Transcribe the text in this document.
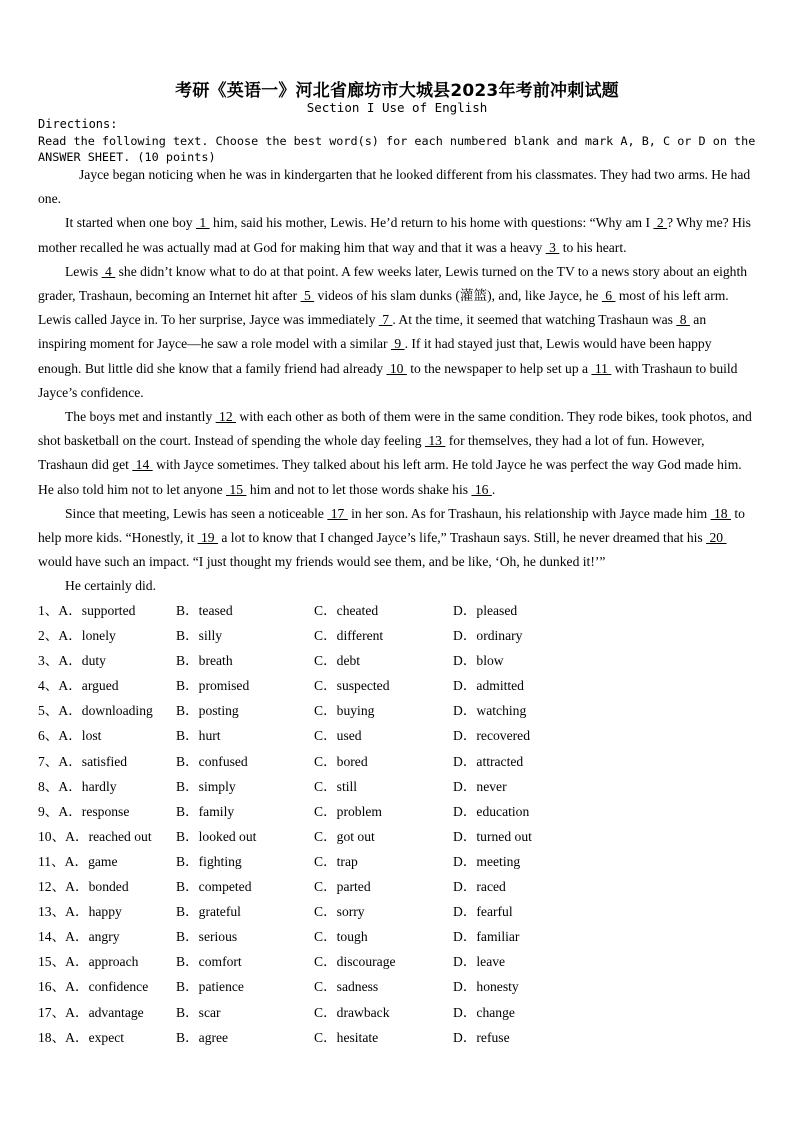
考研《英语一》河北省廊坊市大城县2023年考前冲刺试题
Section I Use of English
Directions:
Read the following text. Choose the best word(s) for each numbered blank and mark A, B, C or D on the
ANSWER SHEET. (10 points)

Jayce began noticing when he was in kindergarten that he looked different from his classmates. They had two arms. He had one.

It started when one boy  1  him, said his mother, Lewis. He’d return to his home with questions: “Why am I  2 ? Why me? His mother recalled he was actually mad at God for making him that way and that it was a heavy  3  to his heart.

Lewis  4  she didn’t know what to do at that point. A few weeks later, Lewis turned on the TV to a news story about an eighth grader, Trashaun, becoming an Internet hit after  5  videos of his slam dunks (灌篮), and, like Jayce, he  6  most of his left arm. Lewis called Jayce in. To her surprise, Jayce was immediately  7 . At the time, it seemed that watching Trashaun was  8  an inspiring moment for Jayce—he saw a role model with a similar  9 . If it had stayed just that, Lewis would have been happy enough. But little did she know that a family friend had already  10  to the newspaper to help set up a  11  with Trashaun to build Jayce’s confidence.

The boys met and instantly  12  with each other as both of them were in the same condition. They rode bikes, took photos, and shot basketball on the court. Instead of spending the whole day feeling  13  for themselves, they had a lot of fun. However, Trashaun did get  14  with Jayce sometimes. They talked about his left arm. He told Jayce he was perfect the way God made him. He also told him not to let anyone  15  him and not to let those words shake his  16 .

Since that meeting, Lewis has seen a noticeable  17  in her son. As for Trashaun, his relationship with Jayce made him  18  to help more kids. “Honestly, it  19  a lot to know that I changed Jayce’s life,” Trashaun says. Still, he never dreamed that his  20  would have such an impact. “I just thought my friends would see them, and be like, ‘Oh, he dunked it!’”

He certainly did.

1、A．supported	B．teased	C．cheated	D．pleased
2、A．lonely	B．silly	C．different	D．ordinary
3、A．duty	B．breath	C．debt	D．blow
4、A．argued	B．promised	C．suspected	D．admitted
5、A．downloading B．posting	C．buying	D．watching
6、A．lost	B．hurt	C．used	D．recovered
7、A．satisfied	B．confused	C．bored	D．attracted
8、A．hardly	B．simply	C．still	D．never
9、A．response	B．family	C．problem	D．education
10、A．reached out B．looked out	C．got out	D．turned out
11、A．game	B．fighting	C．trap	D．meeting
12、A．bonded	B．competed	C．parted	D．raced
13、A．happy	B．grateful	C．sorry	D．fearful
14、A．angry	B．serious	C．tough	D．familiar
15、A．approach	B．comfort	C．discourage	D．leave
16、A．confidence B．patience	C．sadness	D．honesty
17、A．advantage B．scar	C．drawback	D．change
18、A．expect	B．agree	C．hesitate	D．refuse
